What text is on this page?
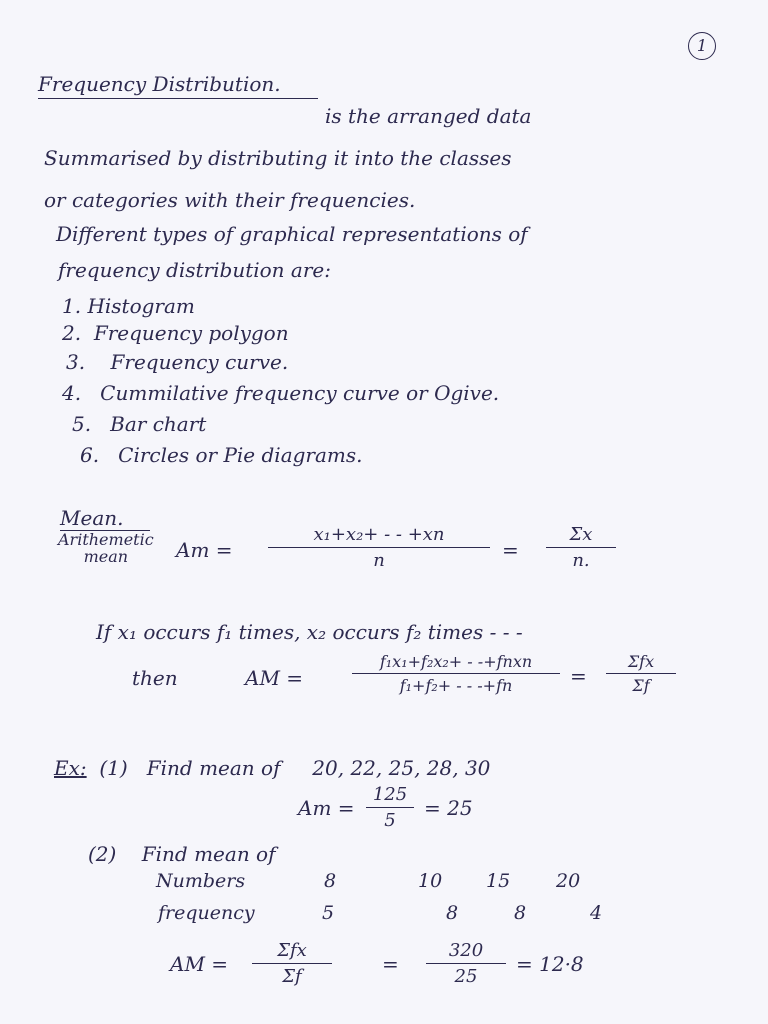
1
Frequency Distribution.
is the arranged data
Summarised by distributing it into the classes
or categories with their frequencies.
Different types of graphical representations of
frequency distribution are:
1. Histogram
2. Frequency polygon
3. Frequency curve.
4. Cummilative frequency curve or Ogive.
5. Bar chart
6. Circles or Pie diagrams.
Mean.
Arithemetic
mean	Am =
x₁+x₂+ - - +xn
n	=
Σx
n.
If x₁ occurs f₁ times, x₂ occurs f₂ times - - -
then	AM =
f₁x₁+f₂x₂+ - -+fnxn
f₁+f₂+ - - -+fn	=
Σfx
Σf
Ex: (1) Find mean of 20, 22, 25, 28, 30
Am =
125
5
= 25
(2) Find mean of
Numbers	8	10 15 20
frequency	5	8	8	4
AM =
Σfx
Σf
=
320
25
= 12·8
